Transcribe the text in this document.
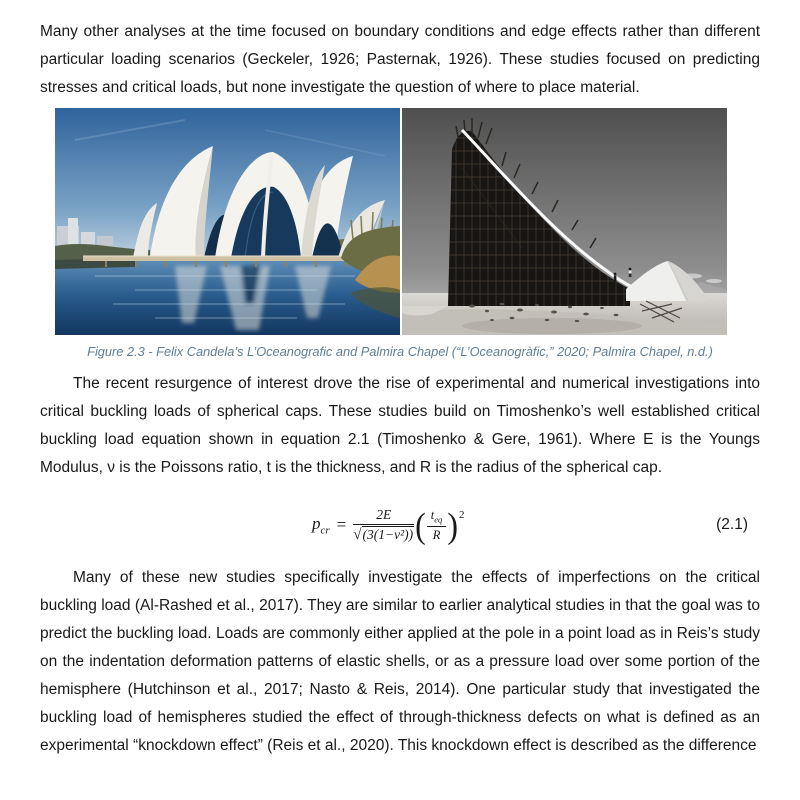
Many other analyses at the time focused on boundary conditions and edge effects rather than different particular loading scenarios (Geckeler, 1926; Pasternak, 1926). These studies focused on predicting stresses and critical loads, but none investigate the question of where to place material.

Figure 2.3 - Felix Candela’s L’Oceanografic and Palmira Chapel (“L’Oceanogràfic,” 2020; Palmira Chapel, n.d.)

The recent resurgence of interest drove the rise of experimental and numerical investigations into critical buckling loads of spherical caps. These studies build on Timoshenko’s well established critical buckling load equation shown in equation 2.1 (Timoshenko & Gere, 1961). Where E is the Youngs Modulus, ν is the Poissons ratio, t is the thickness, and R is the radius of the spherical cap.

$p_{cr} = \frac{2E}{\text{√ (3(1−ν²))}}$ ( $\frac{t_{eq}}{R}$ ) 2
(2.1)

Many of these new studies specifically investigate the effects of imperfections on the critical buckling load (Al-Rashed et al., 2017). They are similar to earlier analytical studies in that the goal was to predict the buckling load. Loads are commonly either applied at the pole in a point load as in Reis’s study on the indentation deformation patterns of elastic shells, or as a pressure load over some portion of the hemisphere (Hutchinson et al., 2017; Nasto & Reis, 2014). One particular study that investigated the buckling load of hemispheres studied the effect of through-thickness defects on what is defined as an experimental “knockdown effect” (Reis et al., 2020). This knockdown effect is described as the difference
